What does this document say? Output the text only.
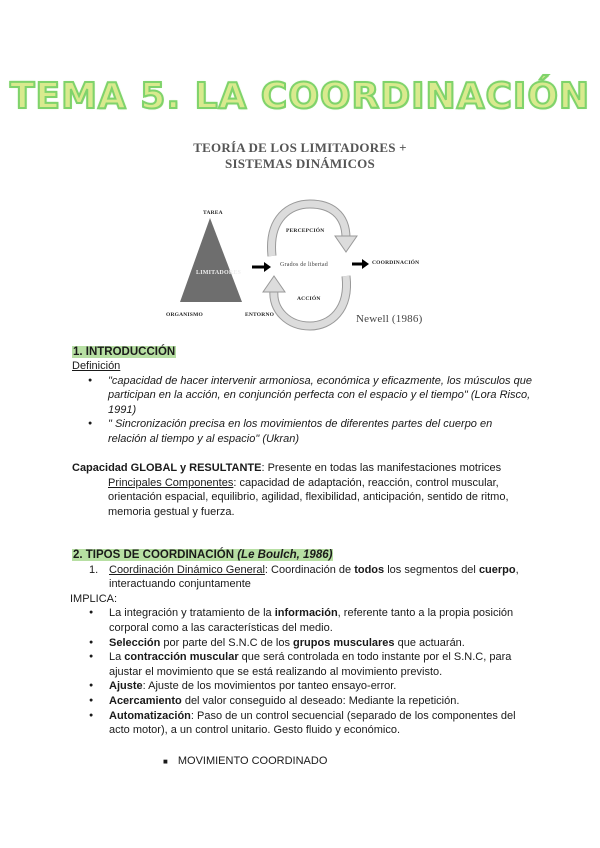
TEMA 5. LA COORDINACIÓN
TEORÍA DE LOS LIMITADORES +
SISTEMAS DINÁMICOS
TAREA
LIMITADORES
ORGANISMO	ENTORNO
PERCEPCIÓN
Grados de libertad
ACCIÓN
COORDINACIÓN
Newell (1986)
1. INTRODUCCIÓN
Definición
● "capacidad de hacer intervenir armoniosa, económica y eficazmente, los músculos que participan en la acción, en conjunción perfecta con el espacio y el tiempo" (Lora Risco, 1991)
● " Sincronización precisa en los movimientos de diferentes partes del cuerpo en relación al tiempo y al espacio" (Ukran)
Capacidad GLOBAL y RESULTANTE: Presente en todas las manifestaciones motrices
Principales Componentes: capacidad de adaptación, reacción, control muscular, orientación espacial, equilibrio, agilidad, flexibilidad, anticipación, sentido de ritmo, memoria gestual y fuerza.
2. TIPOS DE COORDINACIÓN (Le Boulch, 1986)
1. Coordinación Dinámico General: Coordinación de todos los segmentos del cuerpo, interactuando conjuntamente
IMPLICA:
● La integración y tratamiento de la información, referente tanto a la propia posición corporal como a las características del medio.
● Selección por parte del S.N.C de los grupos musculares que actuarán.
● La contracción muscular que será controlada en todo instante por el S.N.C, para ajustar el movimiento que se está realizando al movimiento previsto.
● Ajuste: Ajuste de los movimientos por tanteo ensayo-error.
● Acercamiento del valor conseguido al deseado: Mediante la repetición.
● Automatización: Paso de un control secuencial (separado de los componentes del acto motor), a un control unitario. Gesto fluido y económico.
■ MOVIMIENTO COORDINADO
